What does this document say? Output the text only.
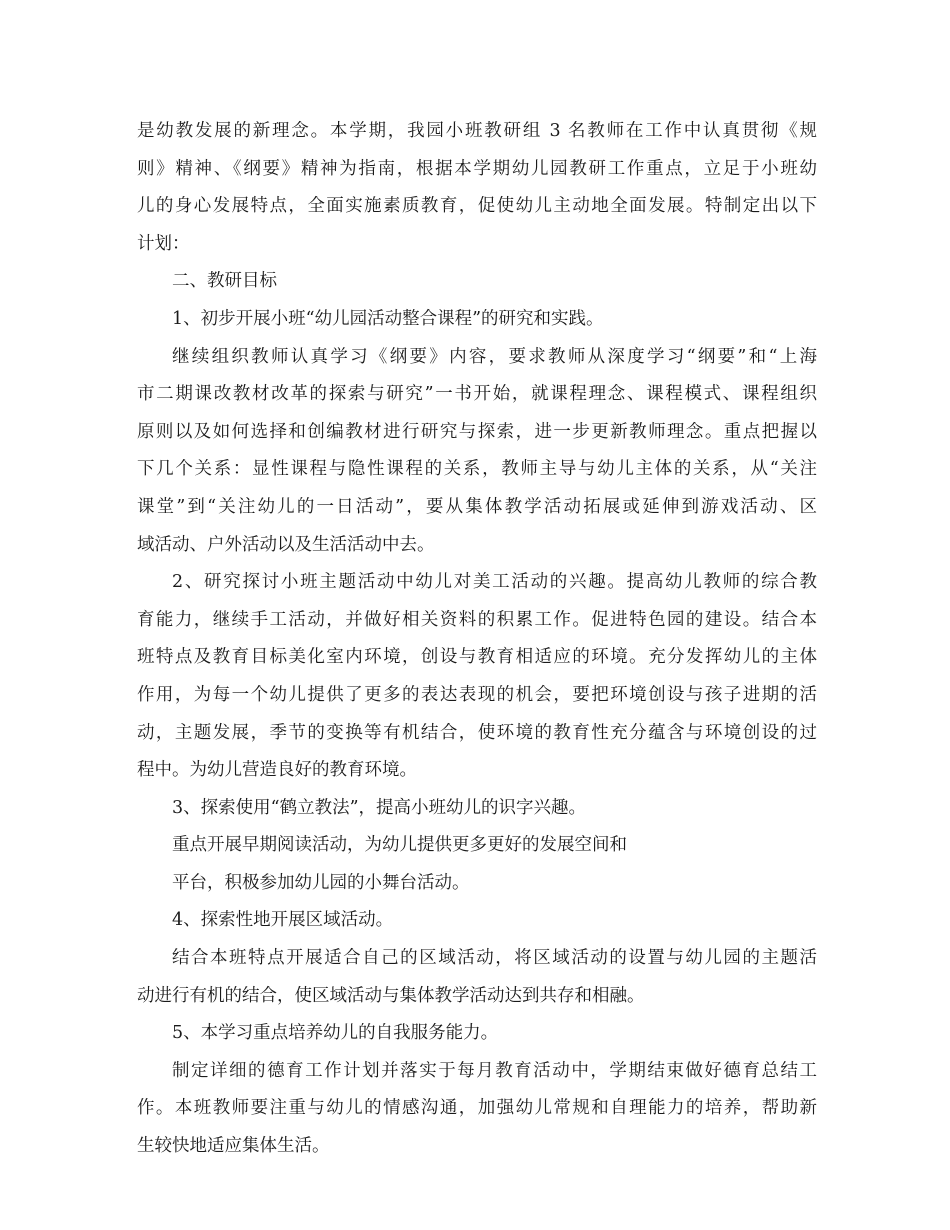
是幼教发展的新理念。本学期，我园小班教研组 3 名教师在工作中认真贯彻《规
则》精神、《纲要》精神为指南，根据本学期幼儿园教研工作重点，立足于小班幼
儿的身心发展特点，全面实施素质教育，促使幼儿主动地全面发展。特制定出以下
计划：
二、教研目标
1、初步开展小班“幼儿园活动整合课程”的研究和实践。
继续组织教师认真学习《纲要》内容，要求教师从深度学习“纲要”和“上海
市二期课改教材改革的探索与研究”一书开始，就课程理念、课程模式、课程组织
原则以及如何选择和创编教材进行研究与探索，进一步更新教师理念。重点把握以
下几个关系：显性课程与隐性课程的关系，教师主导与幼儿主体的关系，从“关注
课堂”到“关注幼儿的一日活动”，要从集体教学活动拓展或延伸到游戏活动、区
域活动、户外活动以及生活活动中去。
2、研究探讨小班主题活动中幼儿对美工活动的兴趣。提高幼儿教师的综合教
育能力，继续手工活动，并做好相关资料的积累工作。促进特色园的建设。结合本
班特点及教育目标美化室内环境，创设与教育相适应的环境。充分发挥幼儿的主体
作用，为每一个幼儿提供了更多的表达表现的机会，要把环境创设与孩子进期的活
动，主题发展，季节的变换等有机结合，使环境的教育性充分蕴含与环境创设的过
程中。为幼儿营造良好的教育环境。
3、探索使用“鹤立教法”，提高小班幼儿的识字兴趣。
重点开展早期阅读活动，为幼儿提供更多更好的发展空间和
平台，积极参加幼儿园的小舞台活动。
4、探索性地开展区域活动。
结合本班特点开展适合自己的区域活动，将区域活动的设置与幼儿园的主题活
动进行有机的结合，使区域活动与集体教学活动达到共存和相融。
5、本学习重点培养幼儿的自我服务能力。
制定详细的德育工作计划并落实于每月教育活动中，学期结束做好德育总结工
作。本班教师要注重与幼儿的情感沟通，加强幼儿常规和自理能力的培养，帮助新
生较快地适应集体生活。
